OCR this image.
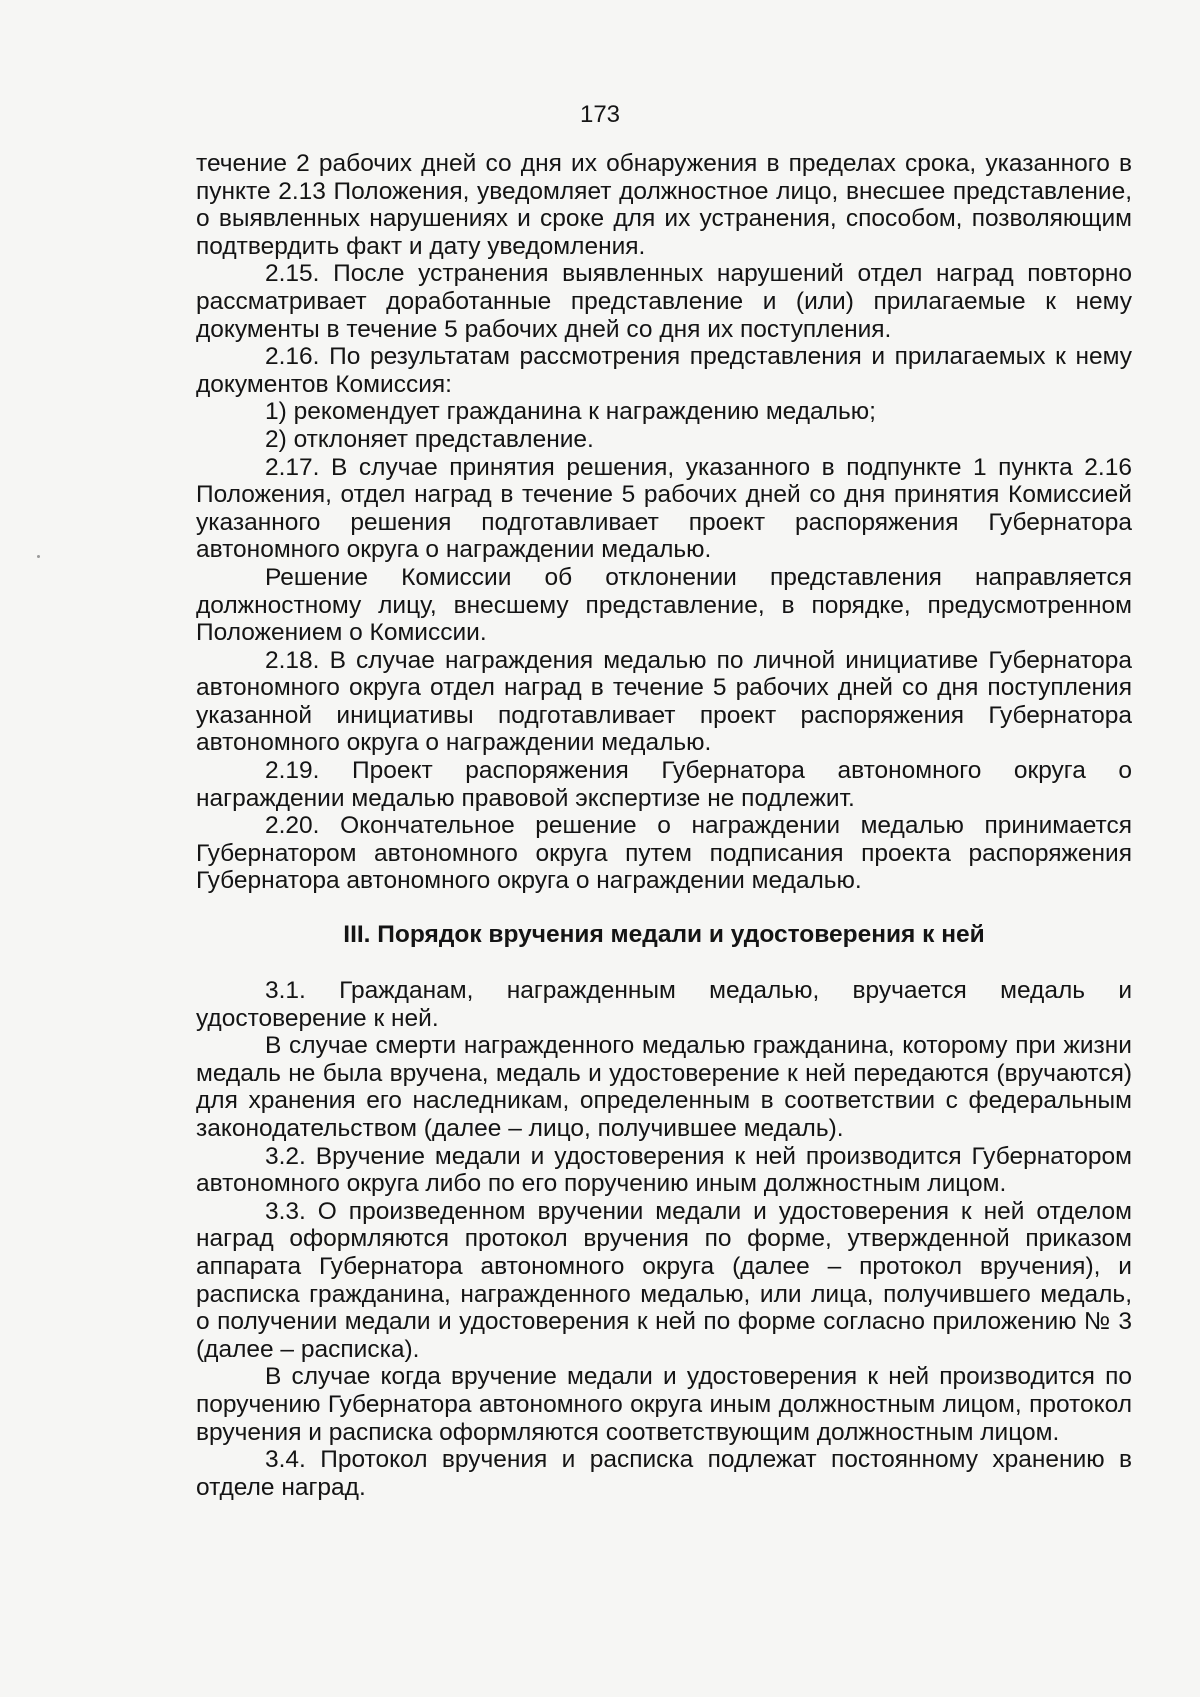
173

течение 2 рабочих дней со дня их обнаружения в пределах срока, указанного в пункте 2.13 Положения, уведомляет должностное лицо, внесшее представление, о выявленных нарушениях и сроке для их устранения, способом, позволяющим подтвердить факт и дату уведомления.

2.15. После устранения выявленных нарушений отдел наград повторно рассматривает доработанные представление и (или) прилагаемые к нему документы в течение 5 рабочих дней со дня их поступления.

2.16. По результатам рассмотрения представления и прилагаемых к нему документов Комиссия:

1) рекомендует гражданина к награждению медалью;

2) отклоняет представление.

2.17. В случае принятия решения, указанного в подпункте 1 пункта 2.16 Положения, отдел наград в течение 5 рабочих дней со дня принятия Комиссией указанного решения подготавливает проект распоряжения Губернатора автономного округа о награждении медалью.

Решение Комиссии об отклонении представления направляется должностному лицу, внесшему представление, в порядке, предусмотренном Положением о Комиссии.

2.18. В случае награждения медалью по личной инициативе Губернатора автономного округа отдел наград в течение 5 рабочих дней со дня поступления указанной инициативы подготавливает проект распоряжения Губернатора автономного округа о награждении медалью.

2.19. Проект распоряжения Губернатора автономного округа о награждении медалью правовой экспертизе не подлежит.

2.20. Окончательное решение о награждении медалью принимается Губернатором автономного округа путем подписания проекта распоряжения Губернатора автономного округа о награждении медалью.

III. Порядок вручения медали и удостоверения к ней

3.1. Гражданам, награжденным медалью, вручается медаль и удостоверение к ней.

В случае смерти награжденного медалью гражданина, которому при жизни медаль не была вручена, медаль и удостоверение к ней передаются (вручаются) для хранения его наследникам, определенным в соответствии с федеральным законодательством (далее – лицо, получившее медаль).

3.2. Вручение медали и удостоверения к ней производится Губернатором автономного округа либо по его поручению иным должностным лицом.

3.3. О произведенном вручении медали и удостоверения к ней отделом наград оформляются протокол вручения по форме, утвержденной приказом аппарата Губернатора автономного округа (далее – протокол вручения), и расписка гражданина, награжденного медалью, или лица, получившего медаль, о получении медали и удостоверения к ней по форме согласно приложению № 3 (далее – расписка).

В случае когда вручение медали и удостоверения к ней производится по поручению Губернатора автономного округа иным должностным лицом, протокол вручения и расписка оформляются соответствующим должностным лицом.

3.4. Протокол вручения и расписка подлежат постоянному хранению в отделе наград.
